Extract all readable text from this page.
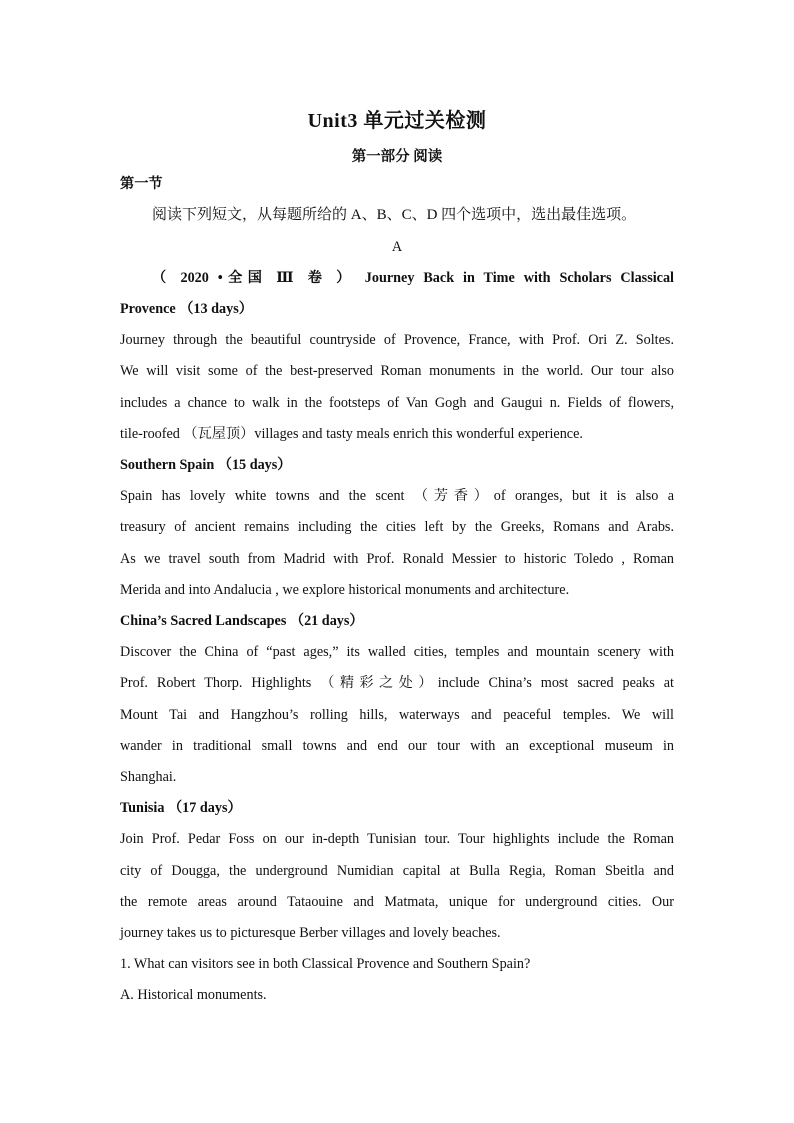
Unit3 单元过关检测
第一部分 阅读
第一节
阅读下列短文，从每题所给的 A、B、C、D 四个选项中，选出最佳选项。
A
（ 2020 •全国 Ⅲ 卷 ） Journey Back in Time with Scholars Classical
Provence （13 days）
Journey through the beautiful countryside of Provence, France, with Prof. Ori Z. Soltes.
We will visit some of the best-preserved Roman monuments in the world. Our tour also
includes a chance to walk in the footsteps of Van Gogh and Gaugui n. Fields of flowers,
tile-roofed （瓦屋顶）villages and tasty meals enrich this wonderful experience.
Southern Spain （15 days）
Spain has lovely white towns and the scent （芳香）of oranges, but it is also a
treasury of ancient remains including the cities left by the Greeks, Romans and Arabs.
As we travel south from Madrid with Prof. Ronald Messier to historic Toledo , Roman
Merida and into Andalucia , we explore historical monuments and architecture.
China’s Sacred Landscapes （21 days）
Discover the China of “past ages,” its walled cities, temples and mountain scenery with
Prof. Robert Thorp. Highlights （精彩之处）include China’s most sacred peaks at
Mount Tai and Hangzhou’s rolling hills, waterways and peaceful temples. We will
wander in traditional small towns and end our tour with an exceptional museum in
Shanghai.
Tunisia （17 days）
Join Prof. Pedar Foss on our in-depth Tunisian tour. Tour highlights include the Roman
city of Dougga, the underground Numidian capital at Bulla Regia, Roman Sbeitla and
the remote areas around Tataouine and Matmata, unique for underground cities. Our
journey takes us to picturesque Berber villages and lovely beaches.
1. What can visitors see in both Classical Provence and Southern Spain?
A. Historical monuments.
